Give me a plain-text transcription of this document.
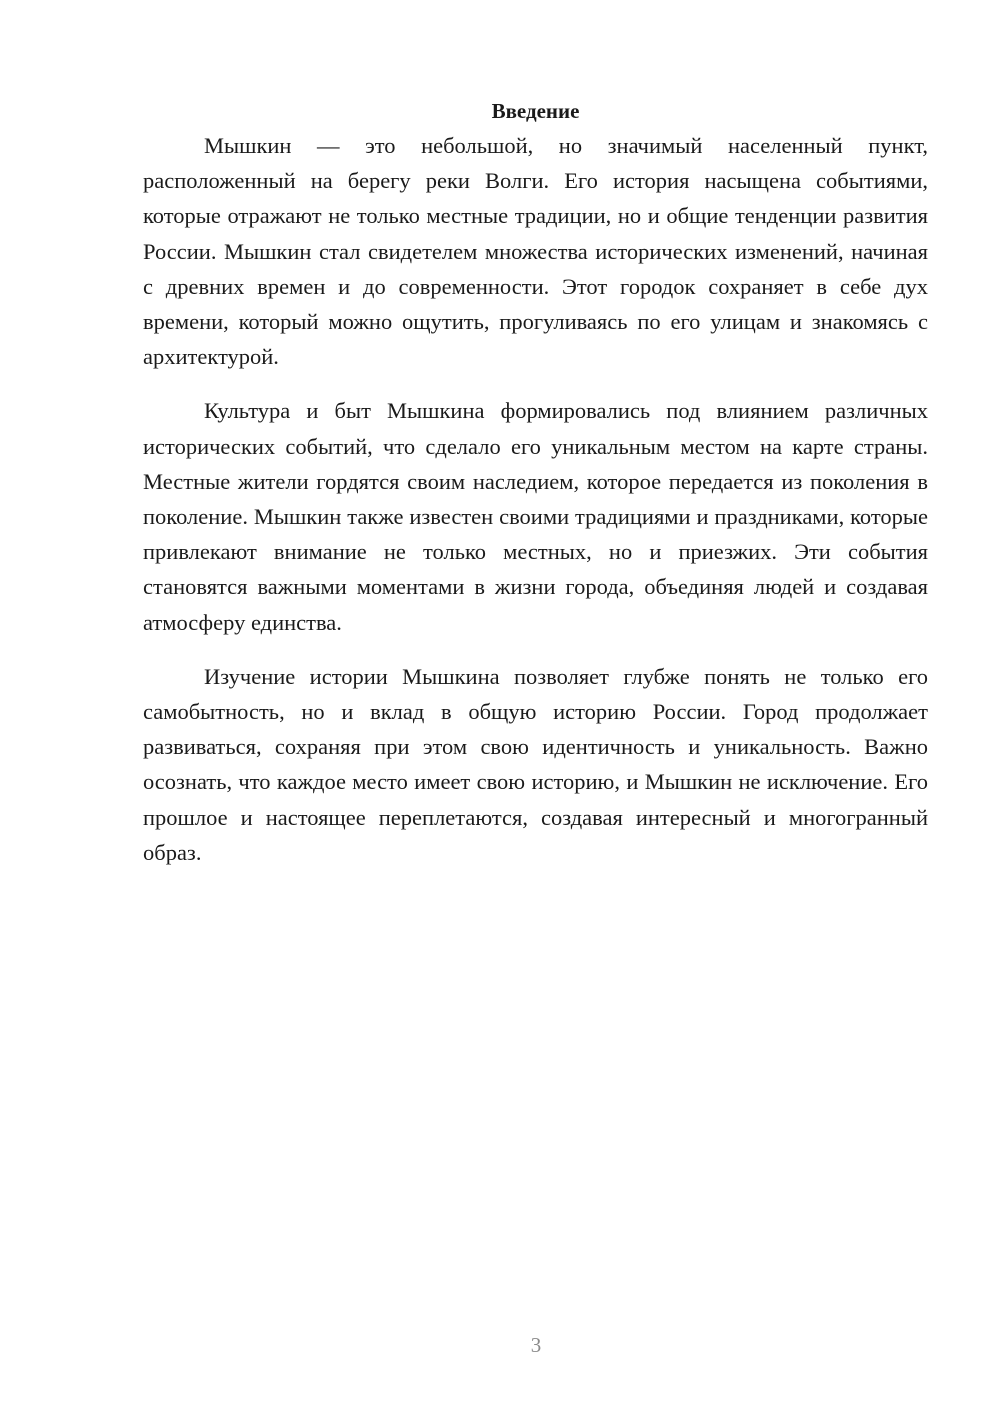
Введение

Мышкин — это небольшой, но значимый населенный пункт, расположенный на берегу реки Волги. Его история насыщена событиями, которые отражают не только местные традиции, но и общие тенденции развития России. Мышкин стал свидетелем множества исторических изменений, начиная с древних времен и до современности. Этот городок сохраняет в себе дух времени, который можно ощутить, прогуливаясь по его улицам и знакомясь с архитектурой.

Культура и быт Мышкина формировались под влиянием различных исторических событий, что сделало его уникальным местом на карте страны. Местные жители гордятся своим наследием, которое передается из поколения в поколение. Мышкин также известен своими традициями и праздниками, которые привлекают внимание не только местных, но и приезжих. Эти события становятся важными моментами в жизни города, объединяя людей и создавая атмосферу единства.

Изучение истории Мышкина позволяет глубже понять не только его самобытность, но и вклад в общую историю России. Город продолжает развиваться, сохраняя при этом свою идентичность и уникальность. Важно осознать, что каждое место имеет свою историю, и Мышкин не исключение. Его прошлое и настоящее переплетаются, создавая интересный и многогранный образ.

3
